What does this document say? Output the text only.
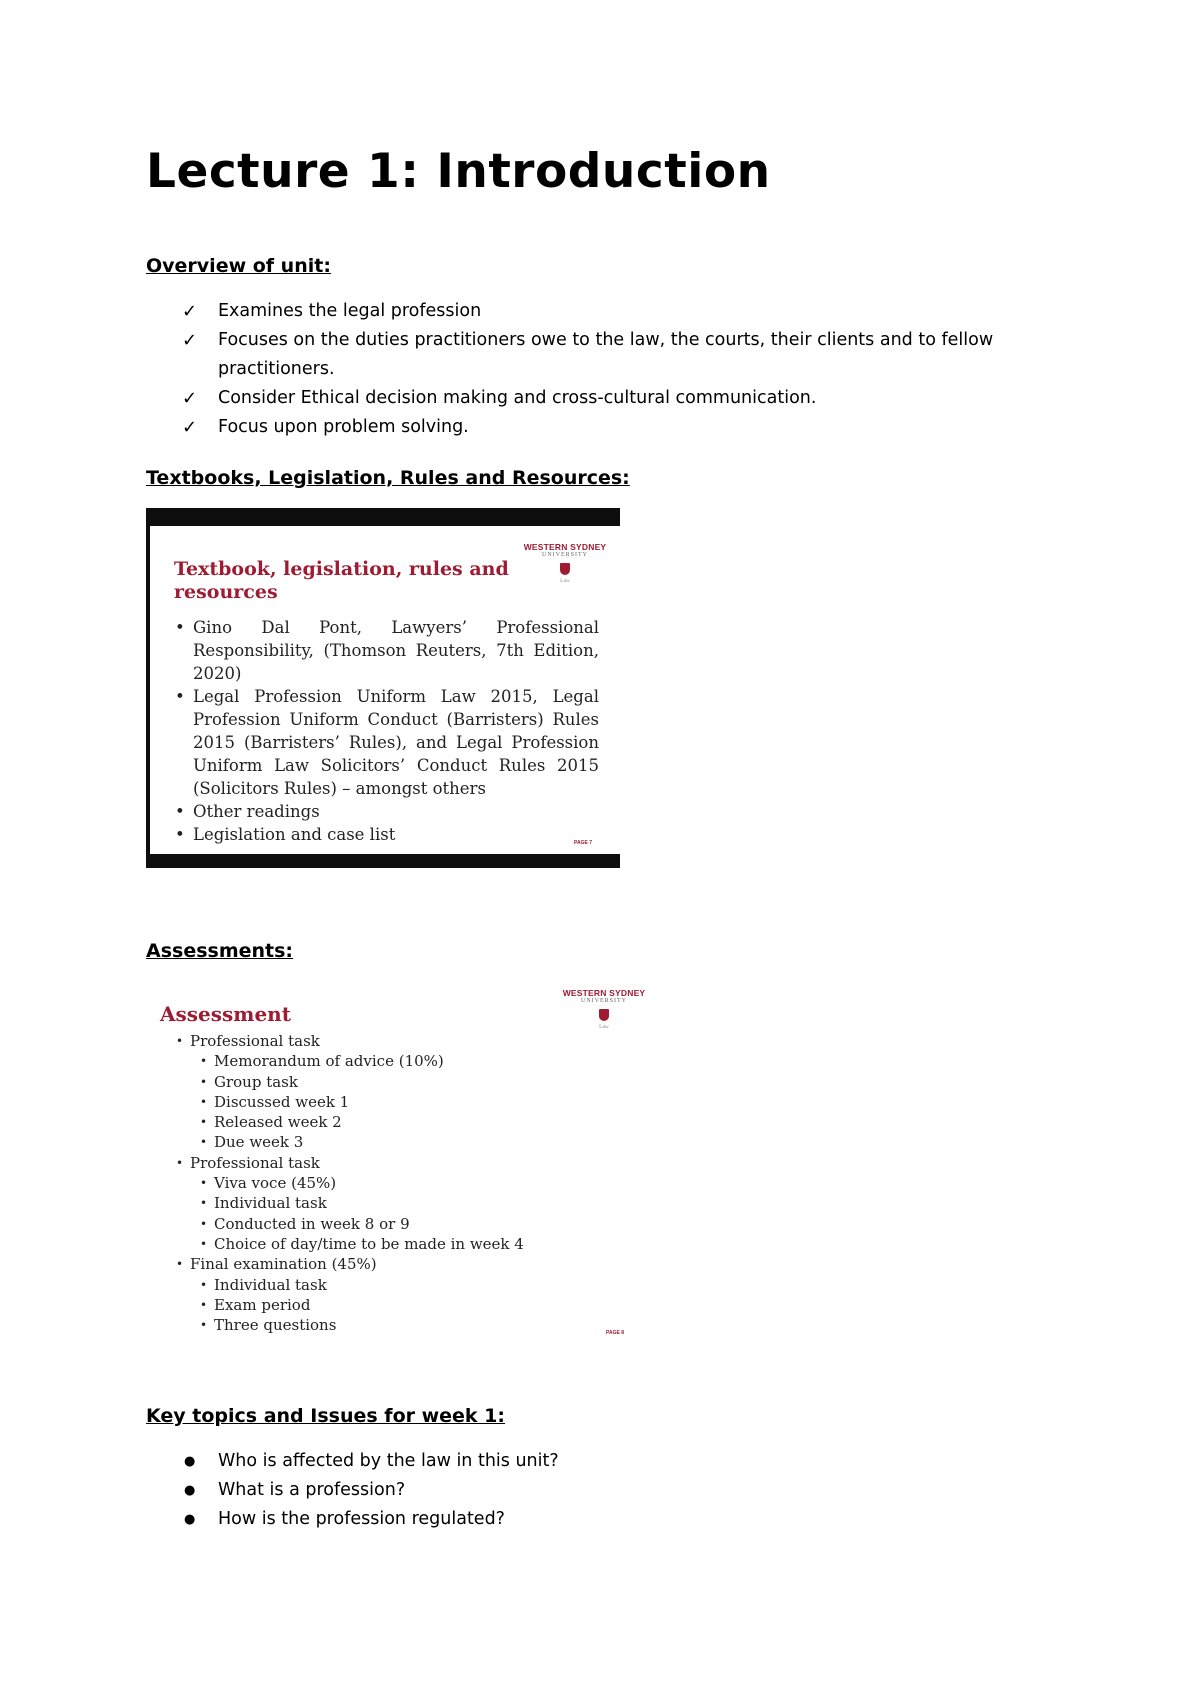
Lecture 1: Introduction
Overview of unit:
✓ Examines the legal profession
✓ Focuses on the duties practitioners owe to the law, the courts, their clients and to fellow
practitioners.
✓ Consider Ethical decision making and cross-cultural communication.
✓ Focus upon problem solving.
Textbooks, Legislation, Rules and Resources:
WESTERN SYDNEY
UNIVERSITY
Law
Textbook, legislation, rules and
resources
• Gino Dal Pont, Lawyers’ Professional Responsibility, (Thomson Reuters, 7th Edition, 2020)
• Legal Profession Uniform Law 2015, Legal Profession Uniform Conduct (Barristers) Rules 2015 (Barristers’ Rules), and Legal Profession Uniform Law Solicitors’ Conduct Rules 2015 (Solicitors Rules) – amongst others
• Other readings
• Legislation and case list	PAGE 7
Assessments:
WESTERN SYDNEY
UNIVERSITY
Law
Assessment
• Professional task
• Memorandum of advice (10%)
• Group task
• Discussed week 1
• Released week 2
• Due week 3
• Professional task
• Viva voce (45%)
• Individual task
• Conducted in week 8 or 9
• Choice of day/time to be made in week 4
• Final examination (45%)
• Individual task
• Exam period
• Three questions	PAGE 8
Key topics and Issues for week 1:
● Who is affected by the law in this unit?
● What is a profession?
● How is the profession regulated?
